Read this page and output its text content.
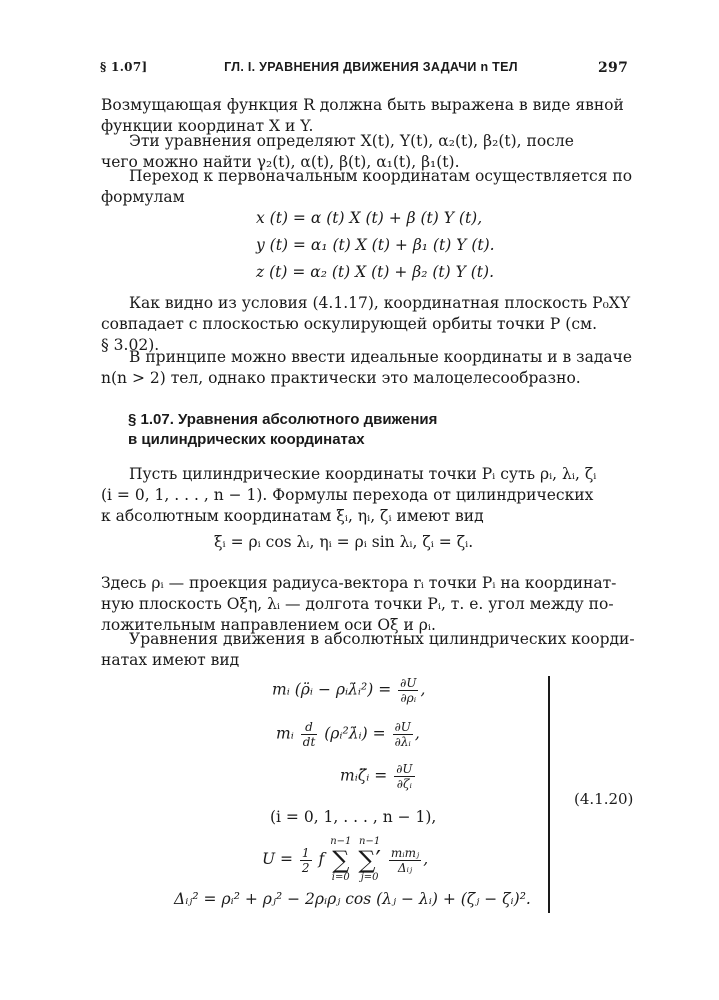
§ 1.07]	ГЛ. I. УРАВНЕНИЯ ДВИЖЕНИЯ ЗАДАЧИ n ТЕЛ	297
Возмущающая функция R должна быть выражена в виде явной
функции координат X и Y.
Эти уравнения определяют X(t), Y(t), α₂(t), β₂(t), после
чего можно найти γ₂(t), α(t), β(t), α₁(t), β₁(t).
Переход к первоначальным координатам осуществляется по
формулам
x (t) = α (t) X (t) + β (t) Y (t),
y (t) = α₁ (t) X (t) + β₁ (t) Y (t).
z (t) = α₂ (t) X (t) + β₂ (t) Y (t).
Как видно из условия (4.1.17), координатная плоскость P₀XY
совпадает с плоскостью оскулирующей орбиты точки P (см.
§ 3.02).
В принципе можно ввести идеальные координаты и в задаче
n(n > 2) тел, однако практически это малоцелесообразно.
§ 1.07. Уравнения абсолютного движения
в цилиндрических координатах
Пусть цилиндрические координаты точки Pᵢ суть ρᵢ, λᵢ, ζᵢ
(i = 0, 1, . . . , n − 1). Формулы перехода от цилиндрических
к абсолютным координатам ξᵢ, ηᵢ, ζᵢ имеют вид
ξᵢ = ρᵢ cos λᵢ, ηᵢ = ρᵢ sin λᵢ, ζᵢ = ζᵢ.
Здесь ρᵢ — проекция радиуса-вектора rᵢ точки Pᵢ на координат-
ную плоскость Oξη, λᵢ — долгота точки Pᵢ, т. е. угол между по-
ложительным направлением оси Oξ и ρᵢ.
Уравнения движения в абсолютных цилиндрических коорди-
натах имеют вид
mᵢ (ρ̈ᵢ − ρᵢλ̇ᵢ²) = $\frac{\partial U}{\text{∂ρᵢ}}$ ,
mᵢ $\frac{d}{dt}$ (ρᵢ²λ̇ᵢ) = $\frac{\partial U}{\text{∂λᵢ}}$ ,
mᵢζ̈ᵢ = $\frac{\partial U}{\text{∂ζᵢ}}$
(i = 0, 1, . . . , n − 1),
$U = \frac{1}{2}$ f
n−1
∑
i=0

n−1
∑′
j=0

$\frac{\text{mᵢmⱼ}}{\text{Δᵢⱼ}}$ ,
Δᵢⱼ² = ρᵢ² + ρⱼ² − 2ρᵢρⱼ cos (λⱼ − λᵢ) + (ζⱼ − ζᵢ)².
(4.1.20)
